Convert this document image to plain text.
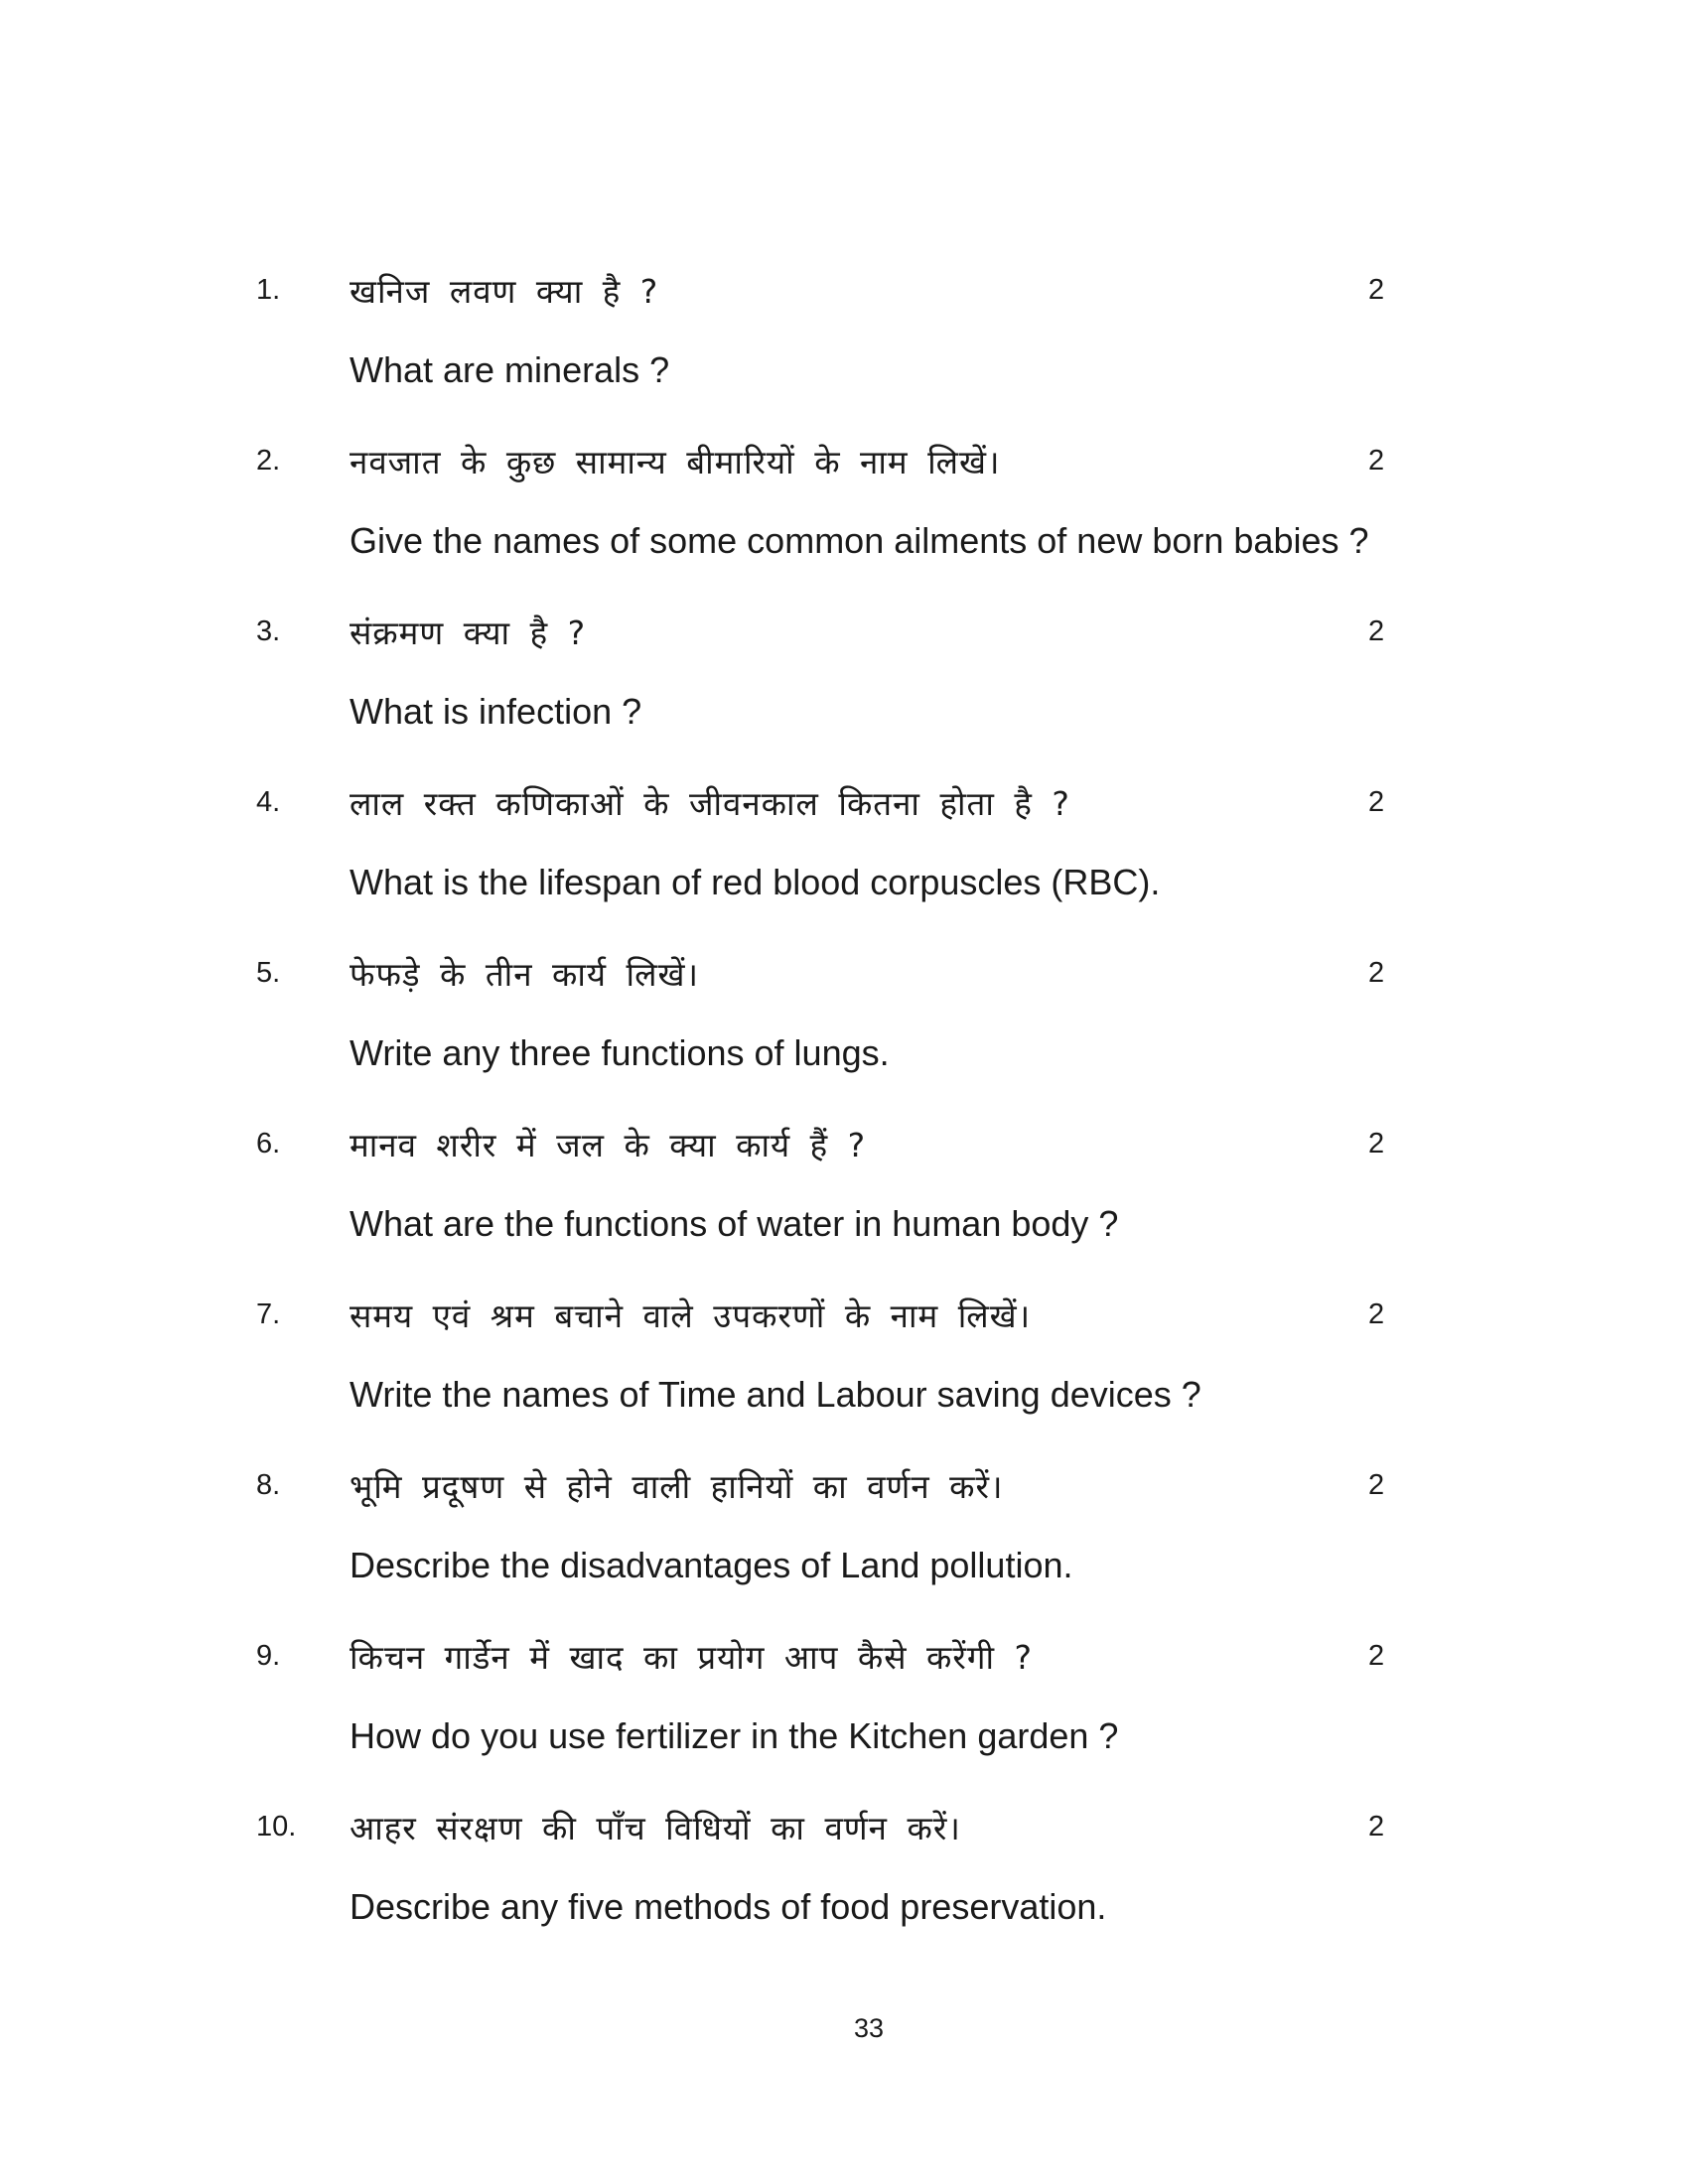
1. खनिज लवण क्या है ?	2
What are minerals ?
2. नवजात के कुछ सामान्य बीमारियों के नाम लिखें।	2
Give the names of some common ailments of new born babies ?
3. संक्रमण क्या है ?	2
What is infection ?
4. लाल रक्त कणिकाओं के जीवनकाल कितना होता है ?	2
What is the lifespan of red blood corpuscles (RBC).
5. फेफड़े के तीन कार्य लिखें।	2
Write any three functions of lungs.
6. मानव शरीर में जल के क्या कार्य हैं ?	2
What are the functions of water in human body ?
7. समय एवं श्रम बचाने वाले उपकरणों के नाम लिखें।	2
Write the names of Time and Labour saving devices ?
8. भूमि प्रदूषण से होने वाली हानियों का वर्णन करें।	2
Describe the disadvantages of Land pollution.
9. किचन गार्डेन में खाद का प्रयोग आप कैसे करेंगी ?	2
How do you use fertilizer in the Kitchen garden ?
10. आहर संरक्षण की पाँच विधियों का वर्णन करें।	2
Describe any five methods of food preservation.
33
